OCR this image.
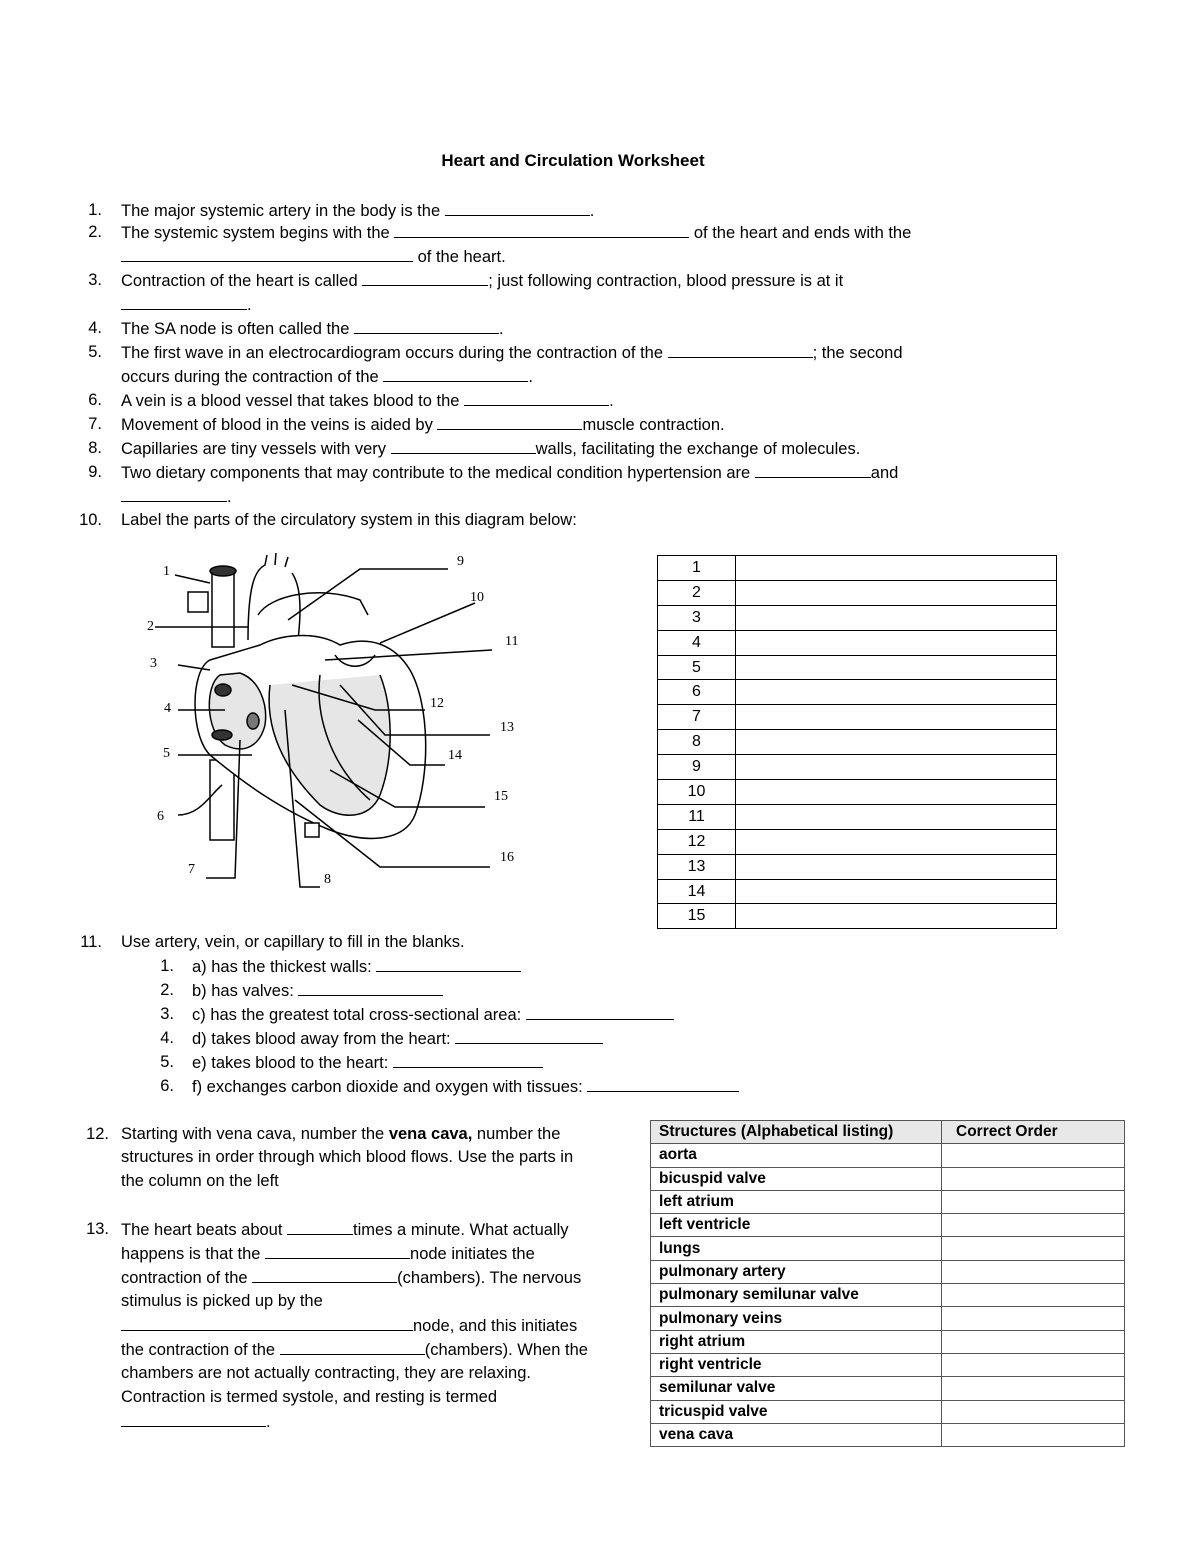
Heart and Circulation Worksheet
1. The major systemic artery in the body is the	.
2. The systemic system begins with the	of the heart and ends with the
of the heart.
3. Contraction of the heart is called	; just following contraction, blood pressure is at it
.
4. The SA node is often called the	.
5. The first wave in an electrocardiogram occurs during the contraction of the	; the second
occurs during the contraction of the	.
6. A vein is a blood vessel that takes blood to the	.
7. Movement of blood in the veins is aided by	muscle contraction.
8. Capillaries are tiny vessels with very	walls, facilitating the exchange of molecules.
9. Two dietary components that may contribute to the medical condition hypertension are	and
.
10. Label the parts of the circulatory system in this diagram below:
1
2
3
4
5
6
7
8
9
10
11
12
13
14
15
16
1	
2	
3	
4	
5	
6	
7	
8	
9	
10	
11	
12	
13	
14	
15	
11. Use artery, vein, or capillary to fill in the blanks.
1. a) has the thickest walls:
2. b) has valves:
3. c) has the greatest total cross-sectional area:
4. d) takes blood away from the heart:
5. e) takes blood to the heart:
6. f) exchanges carbon dioxide and oxygen with tissues:
12. Starting with vena cava, number the vena cava, number the
structures in order through which blood flows. Use the parts in
the column on the left
13. The heart beats about	times a minute. What actually
happens is that the	node initiates the
contraction of the	(chambers). The nervous
stimulus is picked up by the
node, and this initiates
the contraction of the	(chambers). When the
chambers are not actually contracting, they are relaxing.
Contraction is termed systole, and resting is termed
.
Structures (Alphabetical listing)	Correct Order
aorta	
bicuspid valve	
left atrium	
left ventricle	
lungs	
pulmonary artery	
pulmonary semilunar valve	
pulmonary veins	
right atrium	
right ventricle	
semilunar valve	
tricuspid valve	
vena cava	
